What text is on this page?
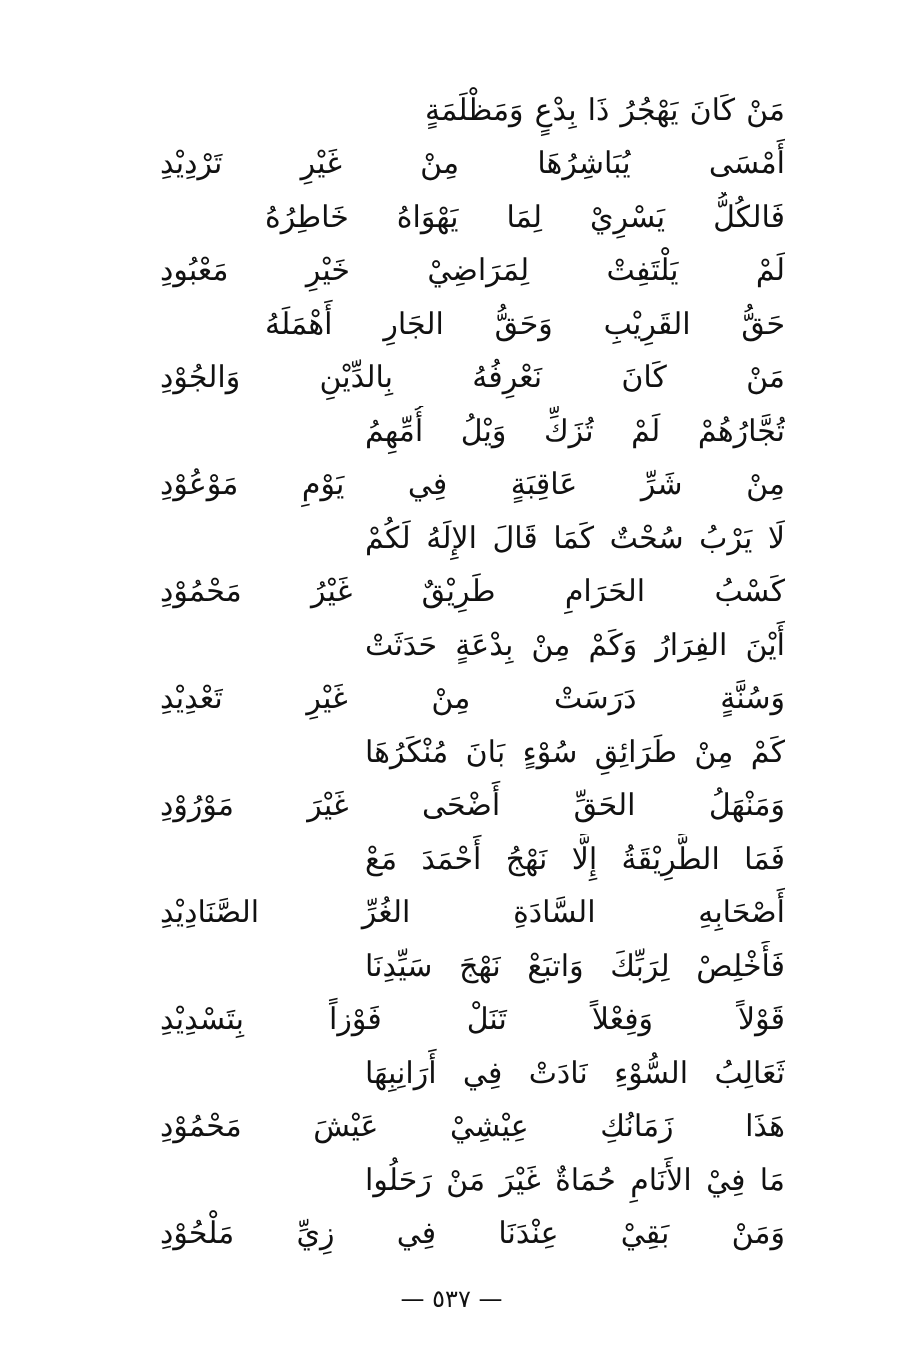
مَنْ كَانَ يَهْجُرُ ذَا بِدْعٍ وَمَظْلَمَةٍ
أَمْسَى يُبَاشِرُهَا مِنْ غَيْرِ تَرْدِيْدِ
فَالكُلُّ يَسْرِيْ لِمَا يَهْوَاهُ خَاطِرُهُ
لَمْ يَلْتَفِتْ لِمَرَاضِيْ خَيْرِ مَعْبُودِ
حَقُّ القَرِيْبِ وَحَقُّ الجَارِ أَهْمَلَهُ
مَنْ كَانَ نَعْرِفُهُ بِالدِّيْنِ وَالجُوْدِ
تُجَّارُهُمْ لَمْ تُزَكِّ وَيْلُ أُمِّهِمُ
مِنْ شَرِّ عَاقِبَةٍ فِي يَوْمِ مَوْعُوْدِ
لَا يَرْبُ سُحْتٌ كَمَا قَالَ الإِلَهُ لَكُمْ
كَسْبُ الحَرَامِ طَرِيْقٌ غَيْرُ مَحْمُوْدِ
أَيْنَ الفِرَارُ وَكَمْ مِنْ بِدْعَةٍ حَدَثَتْ
وَسُنَّةٍ دَرَسَتْ مِنْ غَيْرِ تَعْدِيْدِ
كَمْ مِنْ طَرَائِقِ سُوْءٍ بَانَ مُنْكَرُهَا
وَمَنْهَلُ الحَقِّ أَضْحَى غَيْرَ مَوْرُوْدِ
فَمَا الطَّرِيْقَةُ إِلَّا نَهْجُ أَحْمَدَ مَعْ
أَصْحَابِهِ السَّادَةِ الغُرِّ الصَّنَادِيْدِ
فَأَخْلِصْ لِرَبِّكَ وَاتبَعْ نَهْجَ سَيِّدِنَا
قَوْلاً وَفِعْلاً تَنَلْ فَوْزاً بِتَسْدِيْدِ
ثَعَالِبُ السُّوْءِ نَادَتْ فِي أَرَانِبِهَا
هَذَا زَمَانُكِ عِيْشِيْ عَيْشَ مَحْمُوْدِ
مَا فِيْ الأَنَامِ حُمَاةٌ غَيْرَ مَنْ رَحَلُوا
وَمَنْ بَقِيْ عِنْدَنَا فِي زِيِّ مَلْحُوْدِ
— ٥٣٧ —
